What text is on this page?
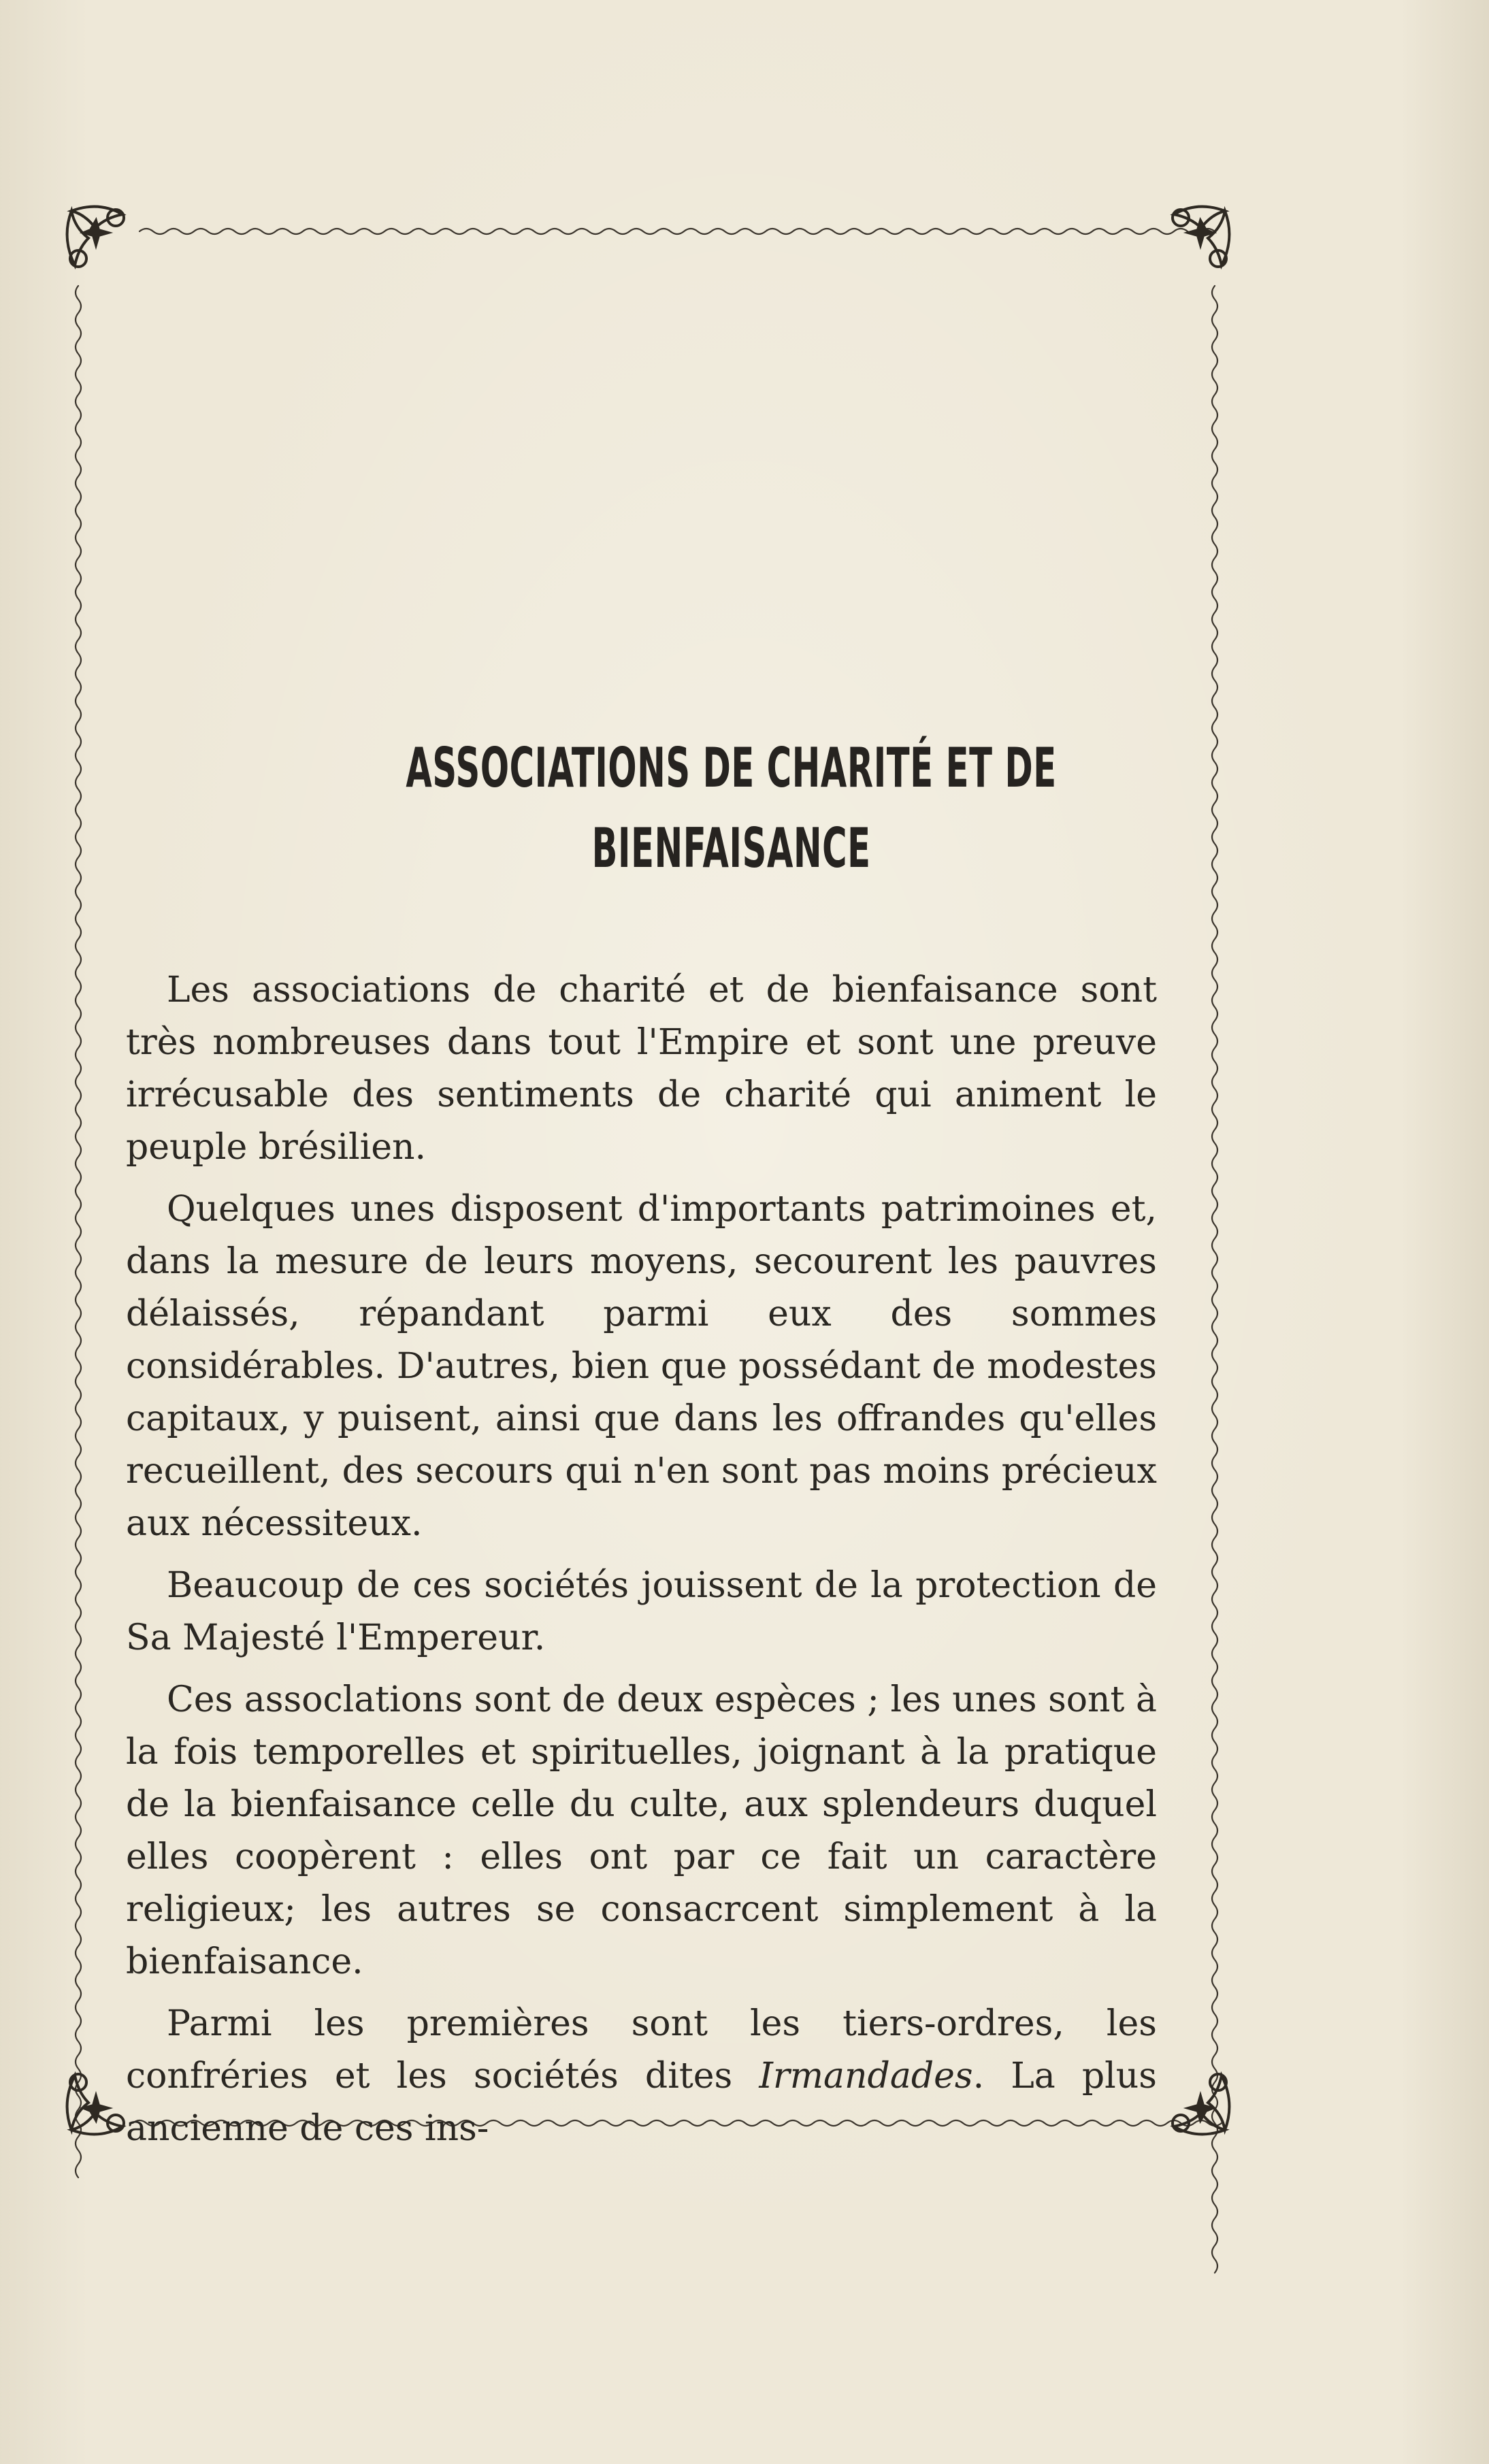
ASSOCIATIONS DE CHARITÉ ET DE
BIENFAISANCE

Les associations de charité et de bienfaisance sont très nombreuses dans tout l'Empire et sont une preuve irrécusable des sentiments de charité qui animent le peuple brésilien.

Quelques unes disposent d'importants patrimoines et, dans la mesure de leurs moyens, secourent les pauvres délaissés, répandant parmi eux des sommes considérables. D'autres, bien que possédant de modestes capitaux, y puisent, ainsi que dans les offrandes qu'elles recueillent, des secours qui n'en sont pas moins précieux aux nécessiteux.

Beaucoup de ces sociétés jouissent de la protection de Sa Majesté l'Empereur.

Ces assoclations sont de deux espèces ; les unes sont à la fois temporelles et spirituelles, joignant à la pratique de la bienfaisance celle du culte, aux splendeurs duquel elles coopèrent : elles ont par ce fait un caractère religieux; les autres se consacrcent simplement à la bienfaisance.

Parmi les premières sont les tiers-ordres, les confréries et les sociétés dites Irmandades. La plus ancienne de ces ins-
